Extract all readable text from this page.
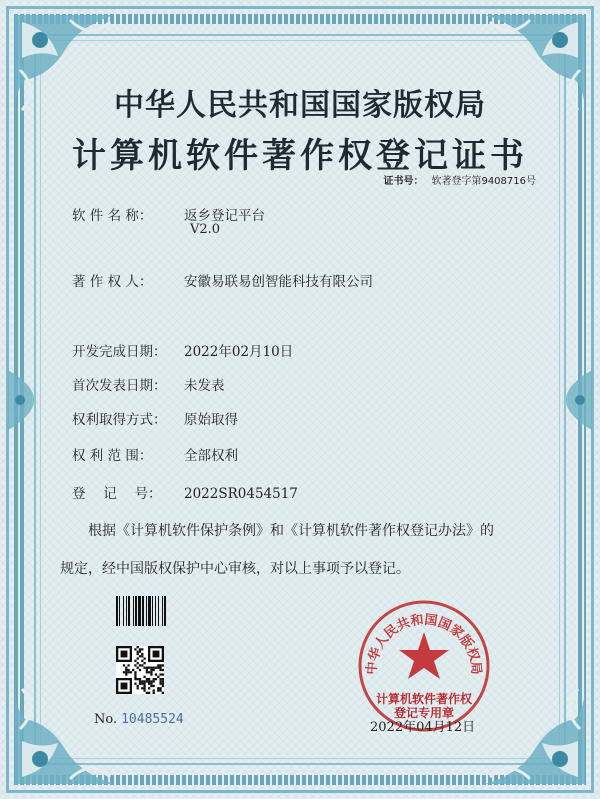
中华人民共和国国家版权局
计算机软件著作权登记证书
证书号： 软著登字第9408716号
软 件 名 称： 返乡登记平台
V2.0
著 作 权 人： 安徽易联易创智能科技有限公司
开发完成日期： 2022年02月10日
首次发表日期： 未发表
权利取得方式： 原始取得
权 利 范 围： 全部权利
登　 记　 号： 2022SR0454517
根据《计算机软件保护条例》和《计算机软件著作权登记办法》的
规定，经中国版权保护中心审核，对以上事项予以登记。
No. 10485524
中华人民共和国国家版权局
计算机软件著作权
登记专用章
2022年04月12日
